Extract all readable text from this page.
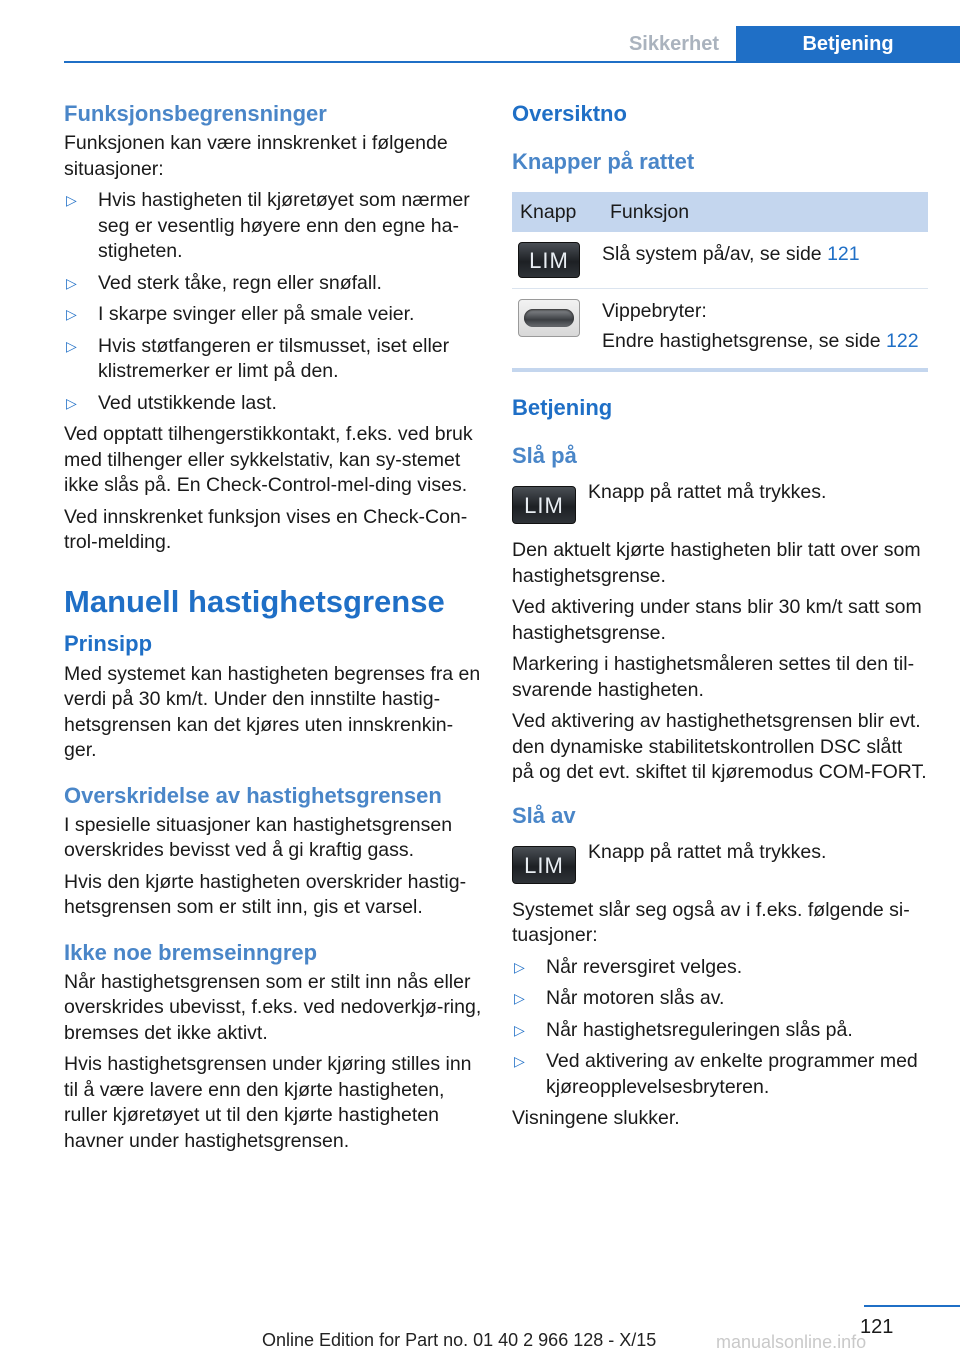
Sikkerhet	Betjening
Funksjonsbegrensninger

Funksjonen kan være innskrenket i følgende situasjoner:

▷ Hvis hastigheten til kjøretøyet som nærmer seg er vesentlig høyere enn den egne ha-stigheten.
▷ Ved sterk tåke, regn eller snøfall.
▷ I skarpe svinger eller på smale veier.
▷ Hvis støtfangeren er tilsmusset, iset eller klistremerker er limt på den.
▷ Ved utstikkende last.

Ved opptatt tilhengerstikkontakt, f.eks. ved bruk med tilhenger eller sykkelstativ, kan sy-stemet ikke slås på. En Check-Control-mel-ding vises.

Ved innskrenket funksjon vises en Check-Con-trol-melding.

Manuell hastighetsgrense
Prinsipp

Med systemet kan hastigheten begrenses fra en verdi på 30 km/t. Under den innstilte hastig-hetsgrensen kan det kjøres uten innskrenkin-ger.

Overskridelse av hastighetsgrensen

I spesielle situasjoner kan hastighetsgrensen overskrides bevisst ved å gi kraftig gass.

Hvis den kjørte hastigheten overskrider hastig-hetsgrensen som er stilt inn, gis et varsel.

Ikke noe bremseinngrep

Når hastighetsgrensen som er stilt inn nås eller overskrides ubevisst, f.eks. ved nedoverkjø-ring, bremses det ikke aktivt.

Hvis hastighetsgrensen under kjøring stilles inn til å være lavere enn den kjørte hastigheten, ruller kjøretøyet ut til den kjørte hastigheten havner under hastighetsgrensen.

Oversiktno
Knapper på rattet
Knapp	Funksjon

LIM	Slå system på/av, se side 121

	Vippebryter:

Endre hastighetsgrense, se side 122

Betjening
Slå på
LIM

Knapp på rattet må trykkes.

Den aktuelt kjørte hastigheten blir tatt over som hastighetsgrense.

Ved aktivering under stans blir 30 km/t satt som hastighetsgrense.

Markering i hastighetsmåleren settes til den til-svarende hastigheten.

Ved aktivering av hastighethetsgrensen blir evt. den dynamiske stabilitetskontrollen DSC slått på og det evt. skiftet til kjøremodus COM-FORT.

Slå av
LIM

Knapp på rattet må trykkes.

Systemet slår seg også av i f.eks. følgende si-tuasjoner:

▷ Når reversgiret velges.
▷ Når motoren slås av.
▷ Når hastighetsreguleringen slås på.
▷ Ved aktivering av enkelte programmer med kjøreopplevelsesbryteren.

Visningene slukker.

121
Online Edition for Part no. 01 40 2 966 128 - X/15	manualsonline.info
